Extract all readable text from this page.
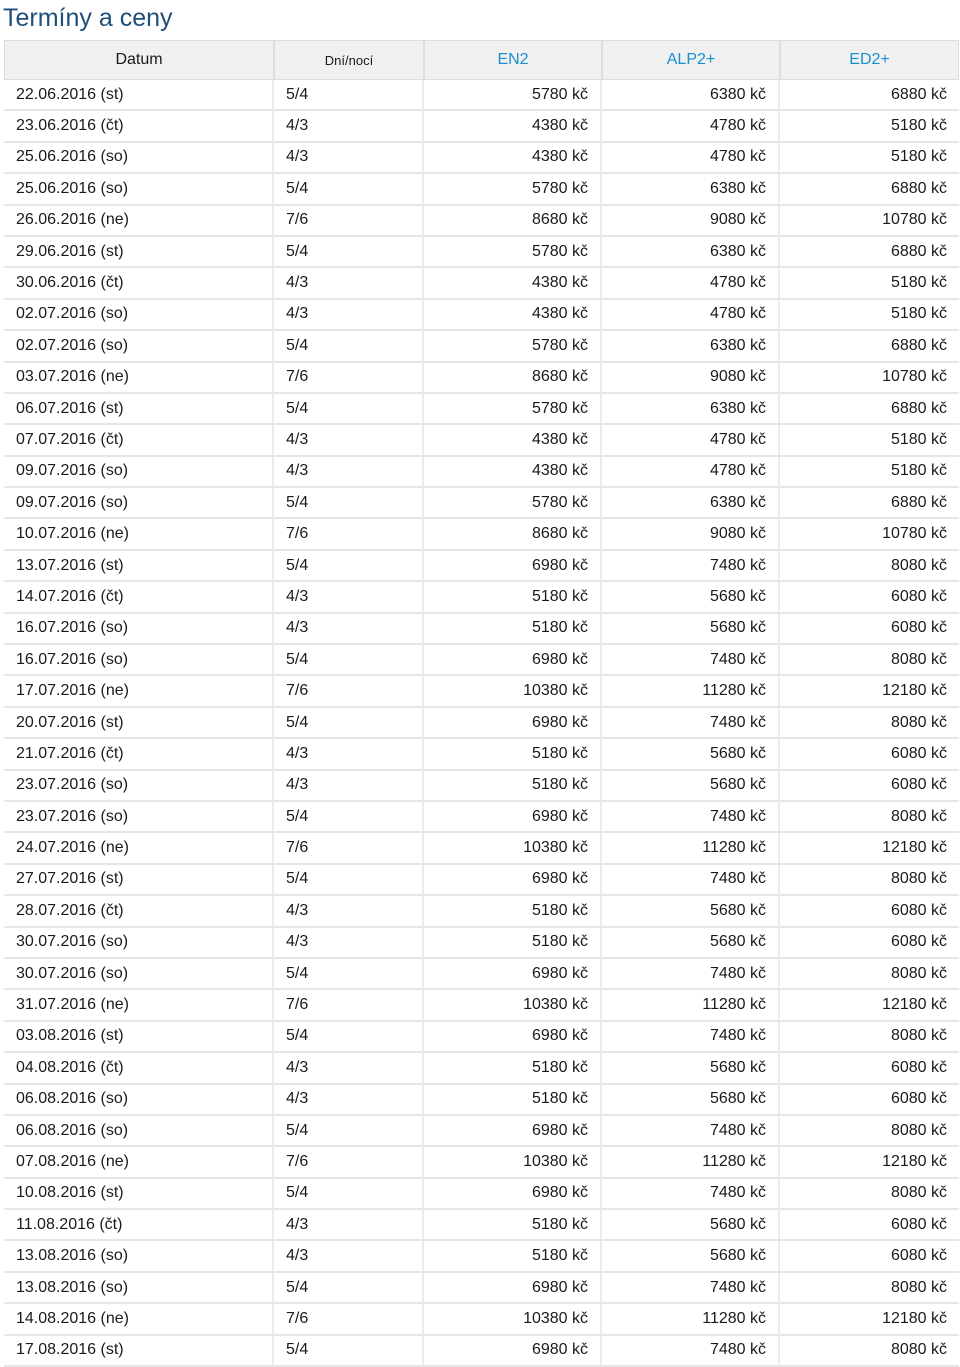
Termíny a ceny
Datum	Dní/nocí	EN2	ALP2+	ED2+
22.06.2016 (st)	5/4	5780 kč	6380 kč	6880 kč
23.06.2016 (čt)	4/3	4380 kč	4780 kč	5180 kč
25.06.2016 (so)	4/3	4380 kč	4780 kč	5180 kč
25.06.2016 (so)	5/4	5780 kč	6380 kč	6880 kč
26.06.2016 (ne)	7/6	8680 kč	9080 kč	10780 kč
29.06.2016 (st)	5/4	5780 kč	6380 kč	6880 kč
30.06.2016 (čt)	4/3	4380 kč	4780 kč	5180 kč
02.07.2016 (so)	4/3	4380 kč	4780 kč	5180 kč
02.07.2016 (so)	5/4	5780 kč	6380 kč	6880 kč
03.07.2016 (ne)	7/6	8680 kč	9080 kč	10780 kč
06.07.2016 (st)	5/4	5780 kč	6380 kč	6880 kč
07.07.2016 (čt)	4/3	4380 kč	4780 kč	5180 kč
09.07.2016 (so)	4/3	4380 kč	4780 kč	5180 kč
09.07.2016 (so)	5/4	5780 kč	6380 kč	6880 kč
10.07.2016 (ne)	7/6	8680 kč	9080 kč	10780 kč
13.07.2016 (st)	5/4	6980 kč	7480 kč	8080 kč
14.07.2016 (čt)	4/3	5180 kč	5680 kč	6080 kč
16.07.2016 (so)	4/3	5180 kč	5680 kč	6080 kč
16.07.2016 (so)	5/4	6980 kč	7480 kč	8080 kč
17.07.2016 (ne)	7/6	10380 kč	11280 kč	12180 kč
20.07.2016 (st)	5/4	6980 kč	7480 kč	8080 kč
21.07.2016 (čt)	4/3	5180 kč	5680 kč	6080 kč
23.07.2016 (so)	4/3	5180 kč	5680 kč	6080 kč
23.07.2016 (so)	5/4	6980 kč	7480 kč	8080 kč
24.07.2016 (ne)	7/6	10380 kč	11280 kč	12180 kč
27.07.2016 (st)	5/4	6980 kč	7480 kč	8080 kč
28.07.2016 (čt)	4/3	5180 kč	5680 kč	6080 kč
30.07.2016 (so)	4/3	5180 kč	5680 kč	6080 kč
30.07.2016 (so)	5/4	6980 kč	7480 kč	8080 kč
31.07.2016 (ne)	7/6	10380 kč	11280 kč	12180 kč
03.08.2016 (st)	5/4	6980 kč	7480 kč	8080 kč
04.08.2016 (čt)	4/3	5180 kč	5680 kč	6080 kč
06.08.2016 (so)	4/3	5180 kč	5680 kč	6080 kč
06.08.2016 (so)	5/4	6980 kč	7480 kč	8080 kč
07.08.2016 (ne)	7/6	10380 kč	11280 kč	12180 kč
10.08.2016 (st)	5/4	6980 kč	7480 kč	8080 kč
11.08.2016 (čt)	4/3	5180 kč	5680 kč	6080 kč
13.08.2016 (so)	4/3	5180 kč	5680 kč	6080 kč
13.08.2016 (so)	5/4	6980 kč	7480 kč	8080 kč
14.08.2016 (ne)	7/6	10380 kč	11280 kč	12180 kč
17.08.2016 (st)	5/4	6980 kč	7480 kč	8080 kč
